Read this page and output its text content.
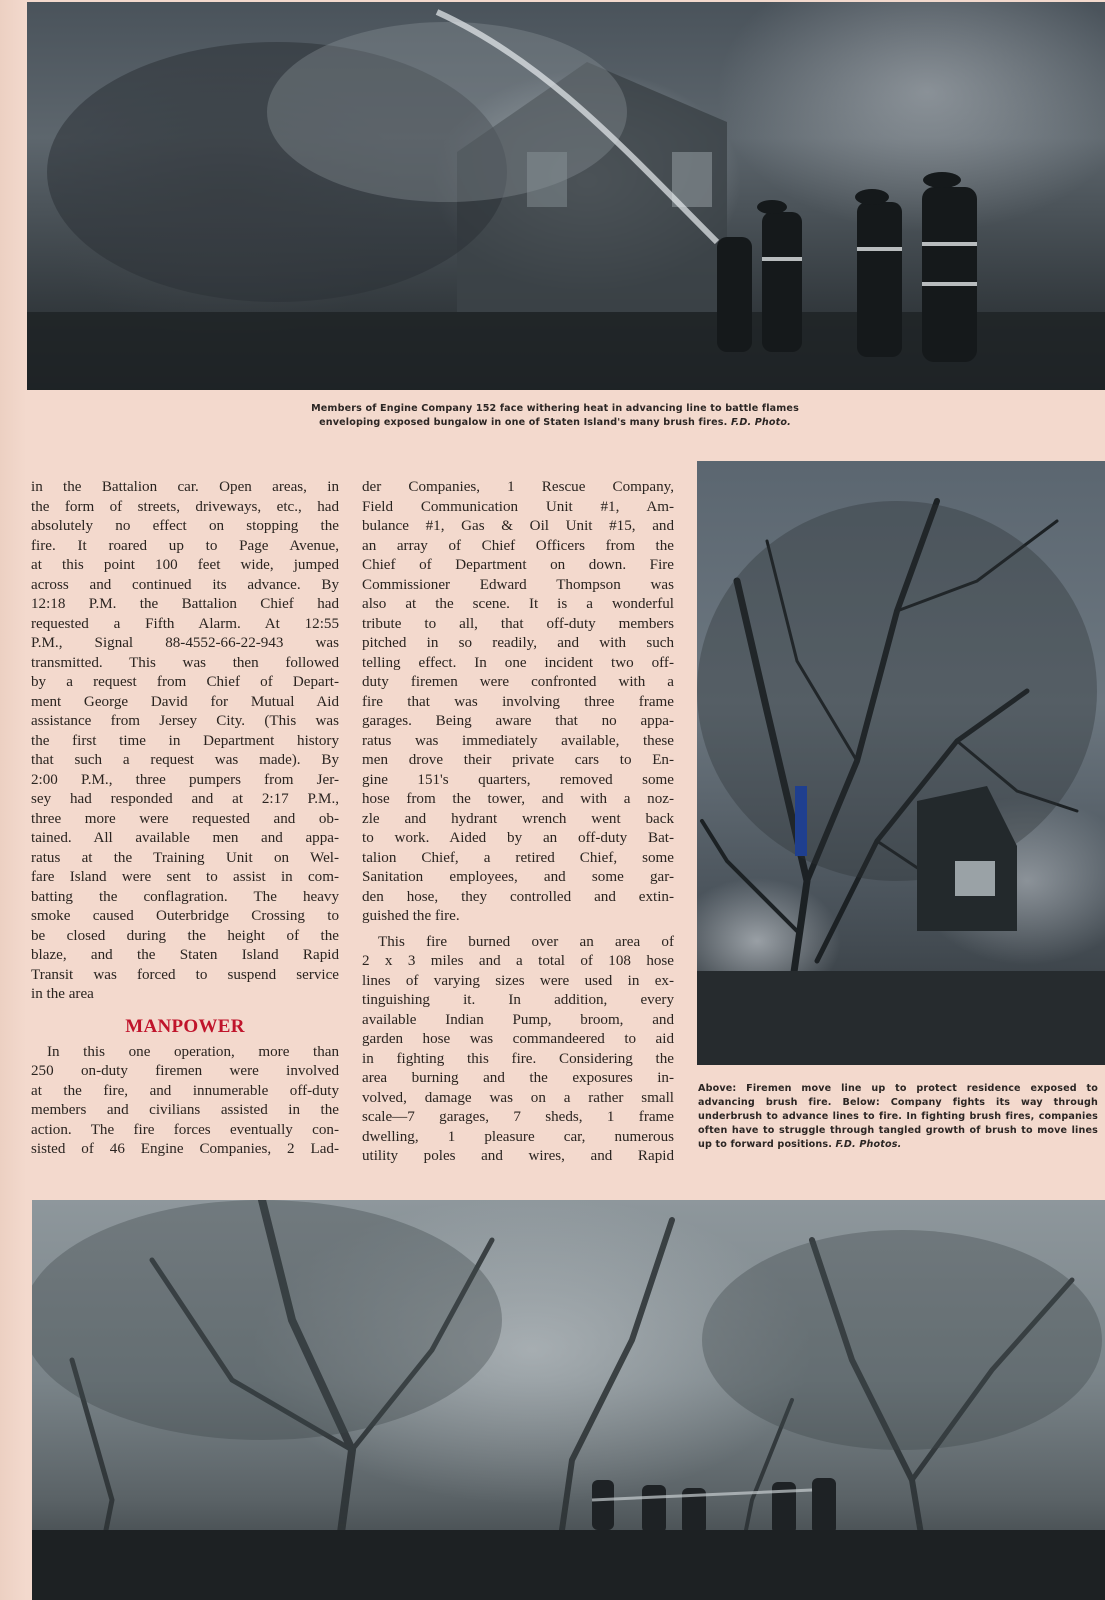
Members of Engine Company 152 face withering heat in advancing line to battle flames
enveloping exposed bungalow in one of Staten Island's many brush fires. F.D. Photo.

in the Battalion car. Open areas, in
the form of streets, driveways, etc., had
absolutely no effect on stopping the
fire. It roared up to Page Avenue,
at this point 100 feet wide, jumped
across and continued its advance. By
12:18 P.M. the Battalion Chief had
requested a Fifth Alarm. At 12:55
P.M., Signal 88-4552-66-22-943 was
transmitted. This was then followed
by a request from Chief of Depart-
ment George David for Mutual Aid
assistance from Jersey City. (This was
the first time in Department history
that such a request was made). By
2:00 P.M., three pumpers from Jer-
sey had responded and at 2:17 P.M.,
three more were requested and ob-
tained. All available men and appa-
ratus at the Training Unit on Wel-
fare Island were sent to assist in com-
batting the conflagration. The heavy
smoke caused Outerbridge Crossing to
be closed during the height of the
blaze, and the Staten Island Rapid
Transit was forced to suspend service
in the area

MANPOWER

In this one operation, more than
250 on-duty firemen were involved
at the fire, and innumerable off-duty
members and civilians assisted in the
action. The fire forces eventually con-
sisted of 46 Engine Companies, 2 Lad-

der Companies, 1 Rescue Company,
Field Communication Unit #1, Am-
bulance #1, Gas & Oil Unit #15, and
an array of Chief Officers from the
Chief of Department on down. Fire
Commissioner Edward Thompson was
also at the scene. It is a wonderful
tribute to all, that off-duty members
pitched in so readily, and with such
telling effect. In one incident two off-
duty firemen were confronted with a
fire that was involving three frame
garages. Being aware that no appa-
ratus was immediately available, these
men drove their private cars to En-
gine 151's quarters, removed some
hose from the tower, and with a noz-
zle and hydrant wrench went back
to work. Aided by an off-duty Bat-
talion Chief, a retired Chief, some
Sanitation employees, and some gar-
den hose, they controlled and extin-
guished the fire.

This fire burned over an area of
2 x 3 miles and a total of 108 hose
lines of varying sizes were used in ex-
tinguishing it. In addition, every
available Indian Pump, broom, and
garden hose was commandeered to aid
in fighting this fire. Considering the
area burning and the exposures in-
volved, damage was on a rather small
scale—7 garages, 7 sheds, 1 frame
dwelling, 1 pleasure car, numerous
utility poles and wires, and Rapid

Above: Firemen move line up to protect residence exposed to advancing brush fire. Below: Company fights its way through underbrush to advance lines to fire. In fighting brush fires, companies often have to struggle through tangled growth of brush to move lines up to forward positions. F.D. Photos.
